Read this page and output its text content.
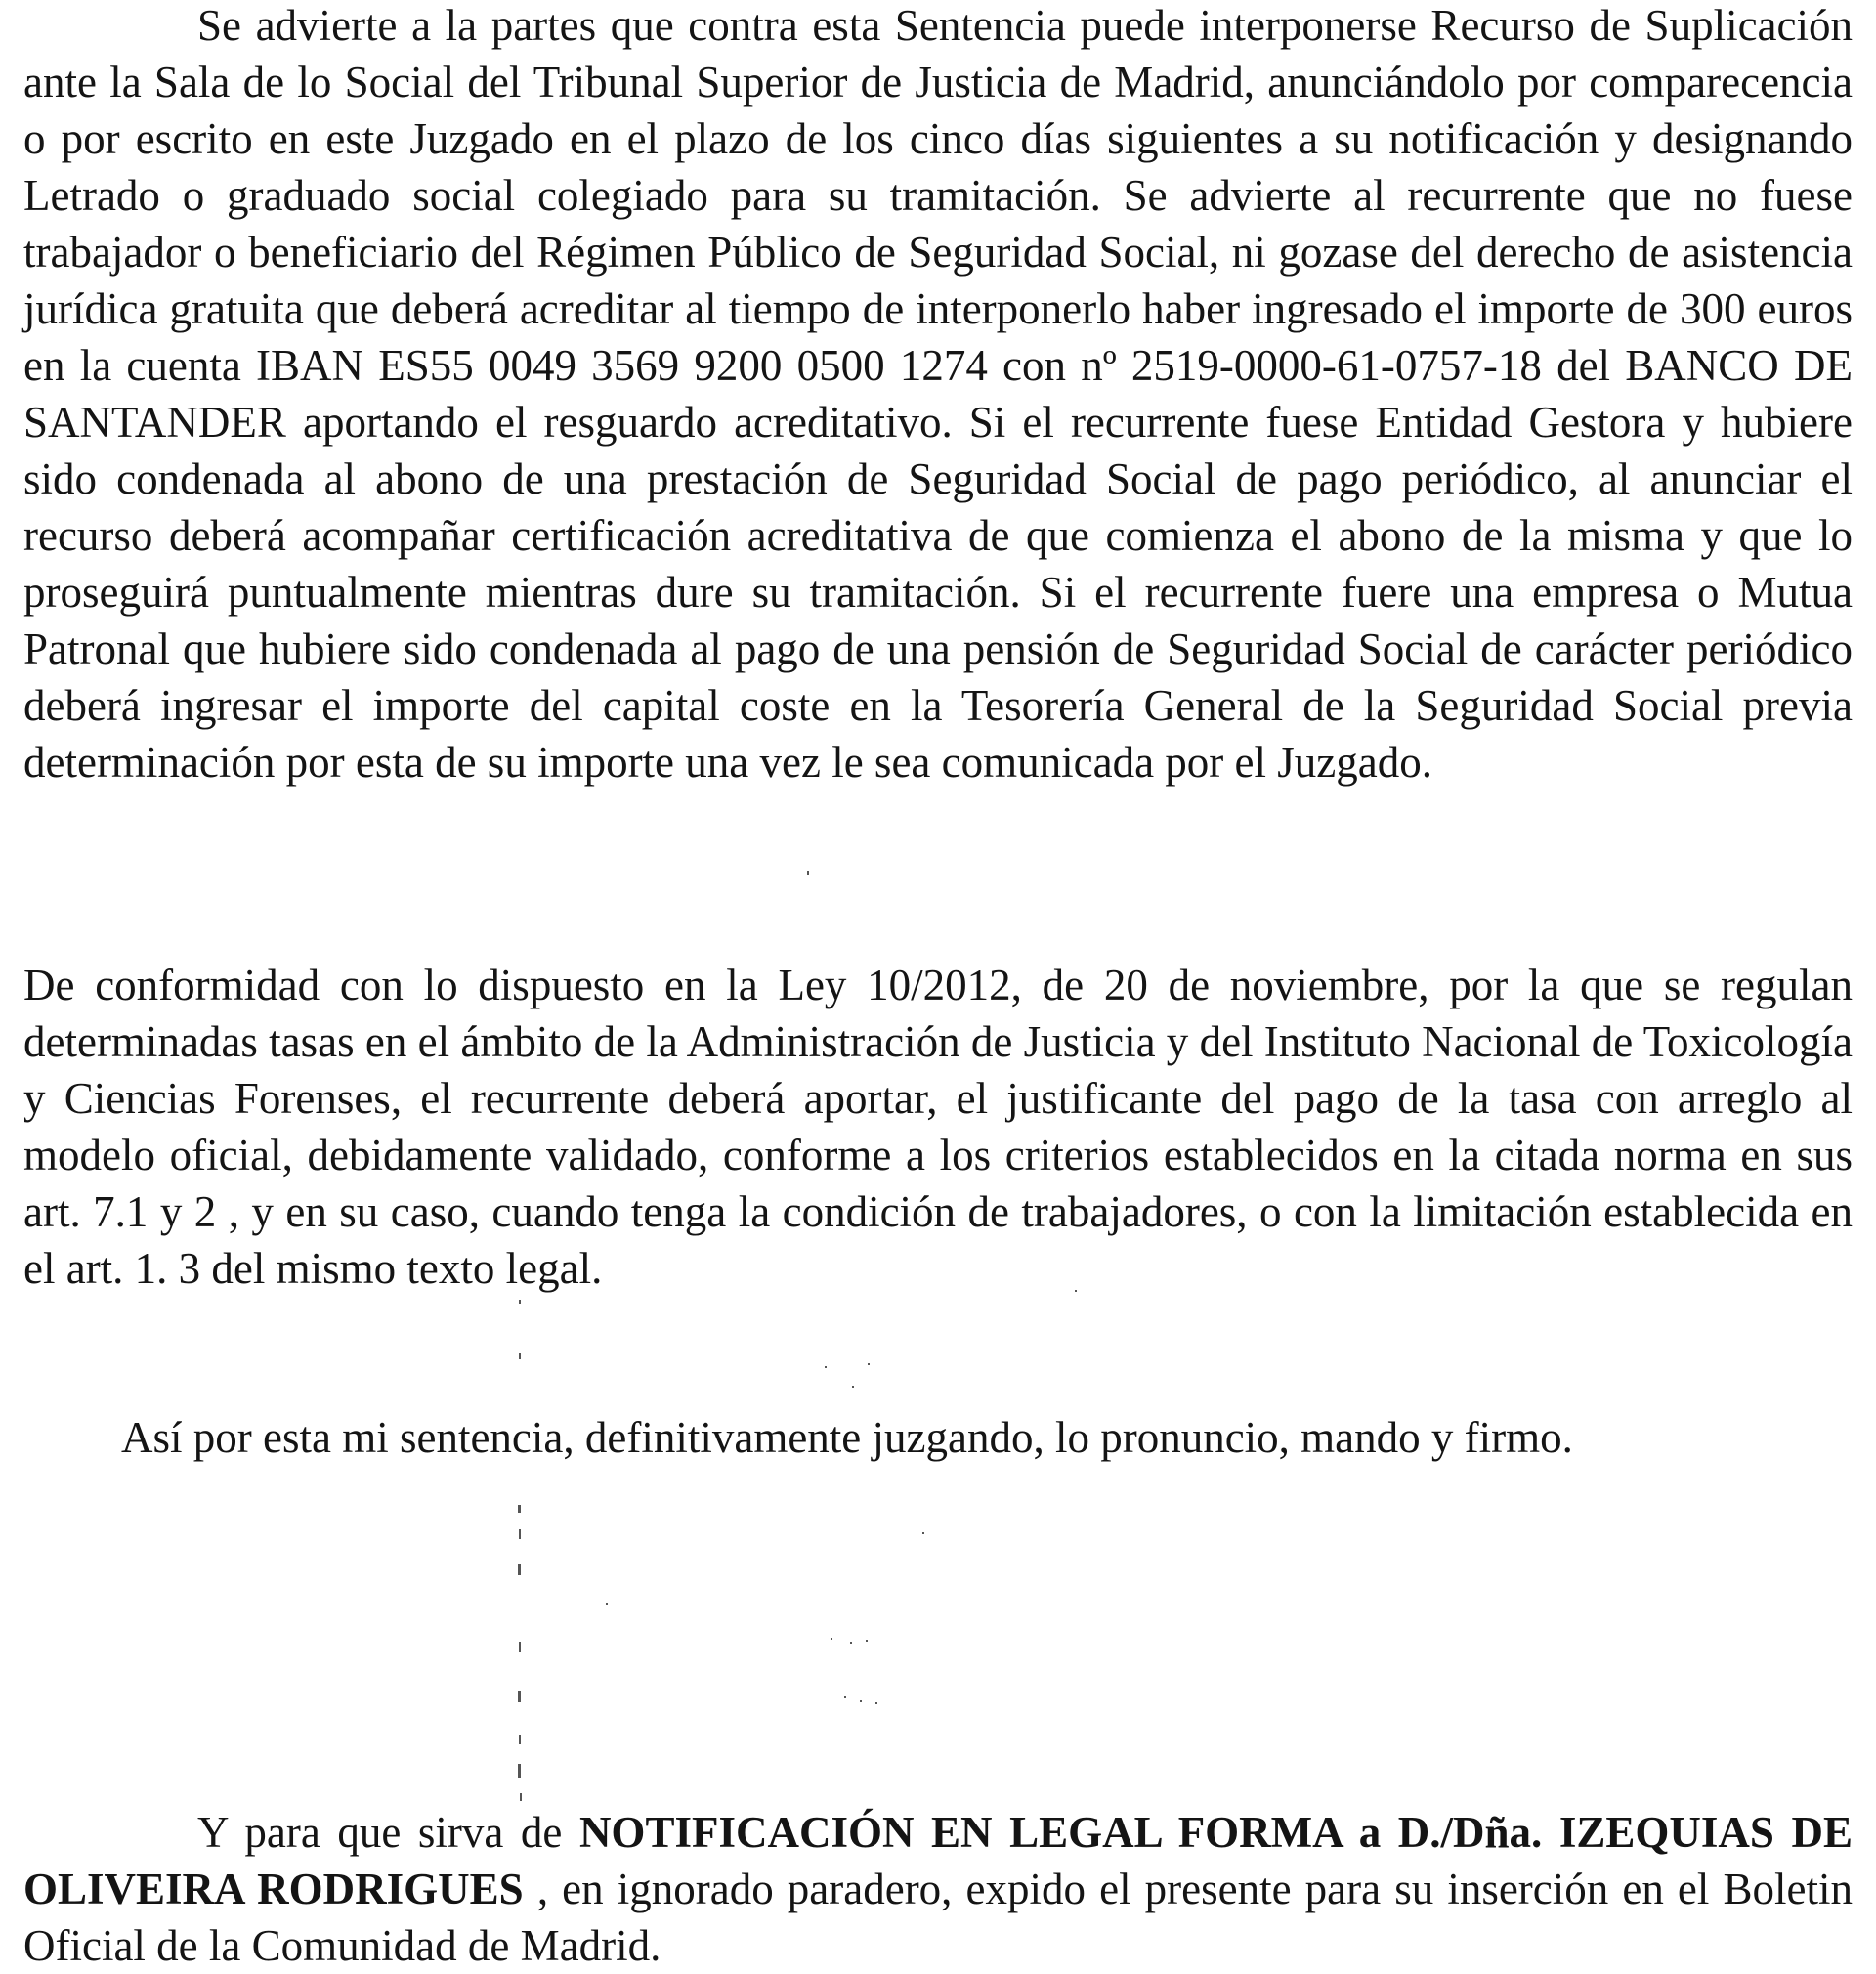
Se advierte a la partes que contra esta Sentencia puede interponerse Recurso de Suplicación ante la Sala de lo Social del Tribunal Superior de Justicia de Madrid, anunciándolo por comparecencia o por escrito en este Juzgado en el plazo de los cinco días siguientes a su notificación y designando Letrado o graduado social colegiado para su tramitación. Se advierte al recurrente que no fuese trabajador o beneficiario del Régimen Público de Seguridad Social, ni gozase del derecho de asistencia jurídica gratuita que deberá acreditar al tiempo de interponerlo haber ingresado el importe de 300 euros en la cuenta IBAN ES55 0049 3569 9200 0500 1274 con nº 2519-0000-61-0757-18 del BANCO DE SANTANDER aportando el resguardo acreditativo. Si el recurrente fuese Entidad Gestora y hubiere sido condenada al abono de una prestación de Seguridad Social de pago periódico, al anunciar el recurso deberá acompañar certificación acreditativa de que comienza el abono de la misma y que lo proseguirá puntualmente mientras dure su tramitación. Si el recurrente fuere una empresa o Mutua Patronal que hubiere sido condenada al pago de una pensión de Seguridad Social de carácter periódico deberá ingresar el importe del capital coste en la Tesorería General de la Seguridad Social previa determinación por esta de su importe una vez le sea comunicada por el Juzgado.

De conformidad con lo dispuesto en la Ley 10/2012, de 20 de noviembre, por la que se regulan determinadas tasas en el ámbito de la Administración de Justicia y del Instituto Nacional de Toxicología y Ciencias Forenses, el recurrente deberá aportar, el justificante del pago de la tasa con arreglo al modelo oficial, debidamente validado, conforme a los criterios establecidos en la citada norma en sus art. 7.1 y 2 , y en su caso, cuando tenga la condición de trabajadores, o con la limitación establecida en el art. 1. 3 del mismo texto legal.

Así por esta mi sentencia, definitivamente juzgando, lo pronuncio, mando y firmo.

Y para que sirva de NOTIFICACIÓN EN LEGAL FORMA a D./Dña. IZEQUIAS DE OLIVEIRA RODRIGUES , en ignorado paradero, expido el presente para su inserción en el Boletin Oficial de la Comunidad de Madrid.
